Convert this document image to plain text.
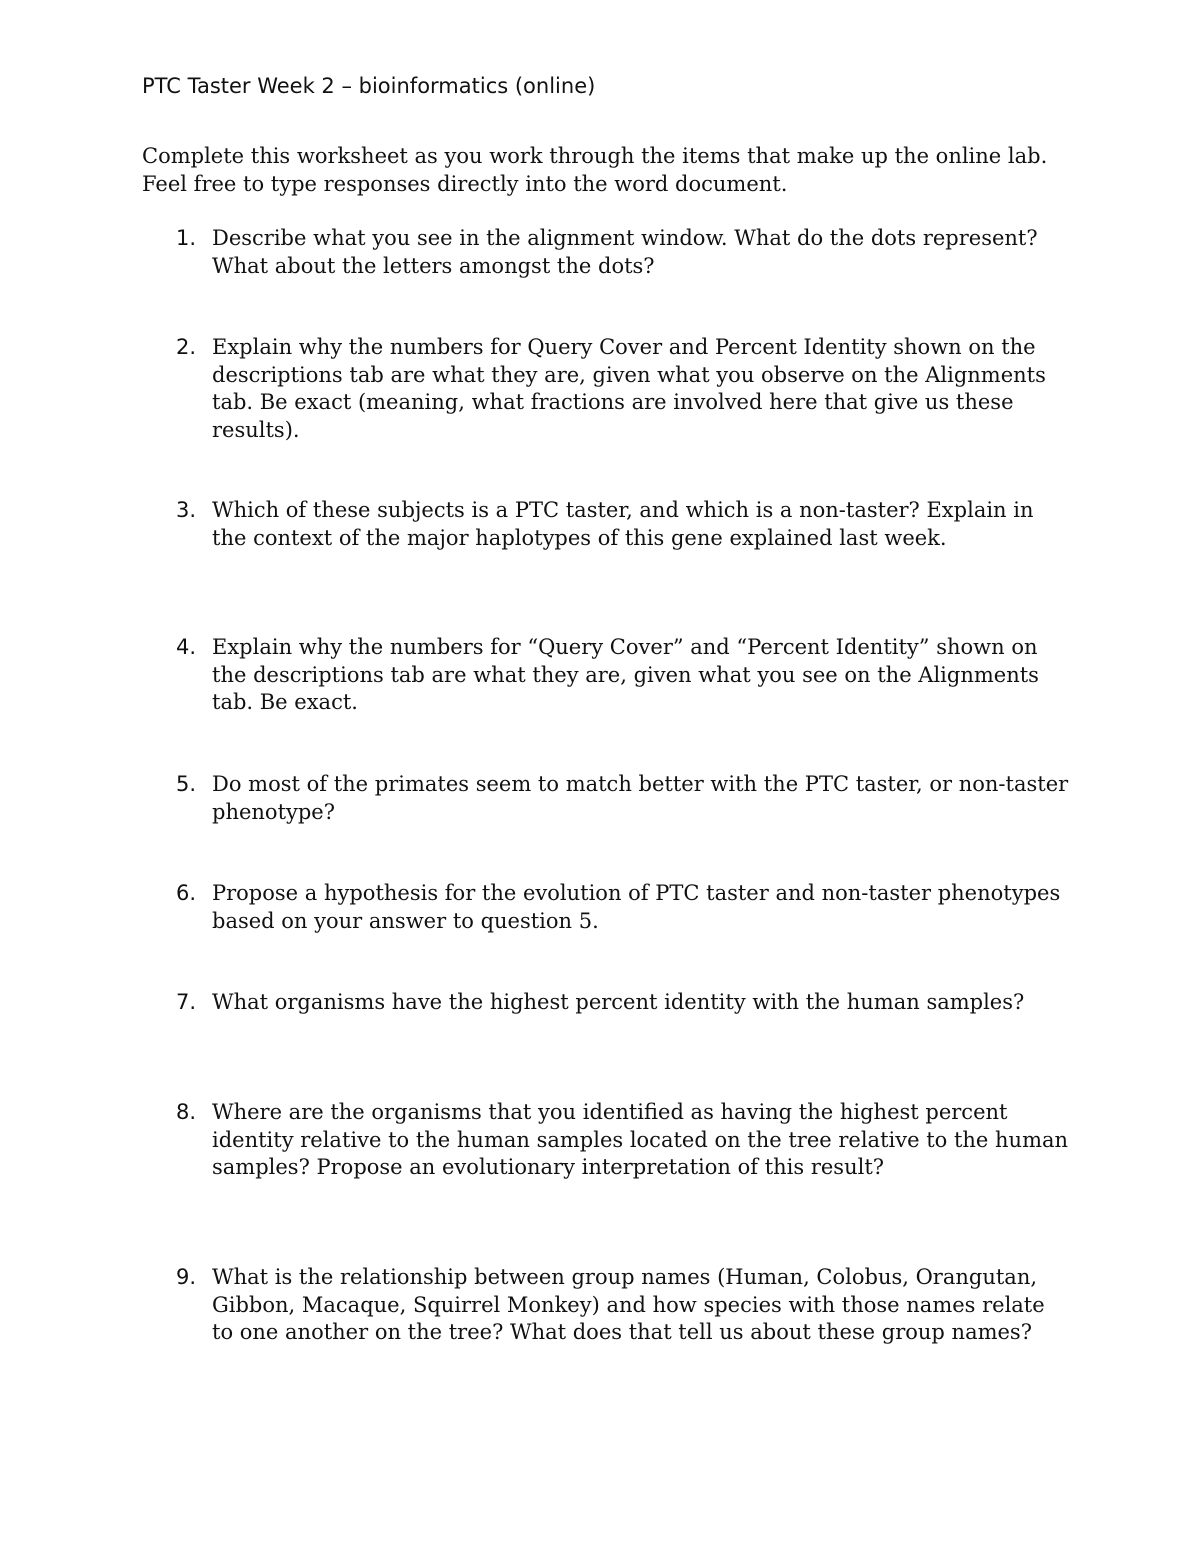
PTC Taster Week 2 – bioinformatics (online)

Complete this worksheet as you work through the items that make up the online lab. Feel free to type responses directly into the word document.

1. Describe what you see in the alignment window. What do the dots represent? What about the letters amongst the dots?
2. Explain why the numbers for Query Cover and Percent Identity shown on the descriptions tab are what they are, given what you observe on the Alignments tab. Be exact (meaning, what fractions are involved here that give us these results).
3. Which of these subjects is a PTC taster, and which is a non-taster? Explain in the context of the major haplotypes of this gene explained last week.
4. Explain why the numbers for “Query Cover” and “Percent Identity” shown on the descriptions tab are what they are, given what you see on the Alignments tab. Be exact.
5. Do most of the primates seem to match better with the PTC taster, or non-taster phenotype?
6. Propose a hypothesis for the evolution of PTC taster and non-taster phenotypes based on your answer to question 5.
7. What organisms have the highest percent identity with the human samples?
8. Where are the organisms that you identified as having the highest percent identity relative to the human samples located on the tree relative to the human samples? Propose an evolutionary interpretation of this result?
9. What is the relationship between group names (Human, Colobus, Orangutan, Gibbon, Macaque, Squirrel Monkey) and how species with those names relate to one another on the tree? What does that tell us about these group names?
